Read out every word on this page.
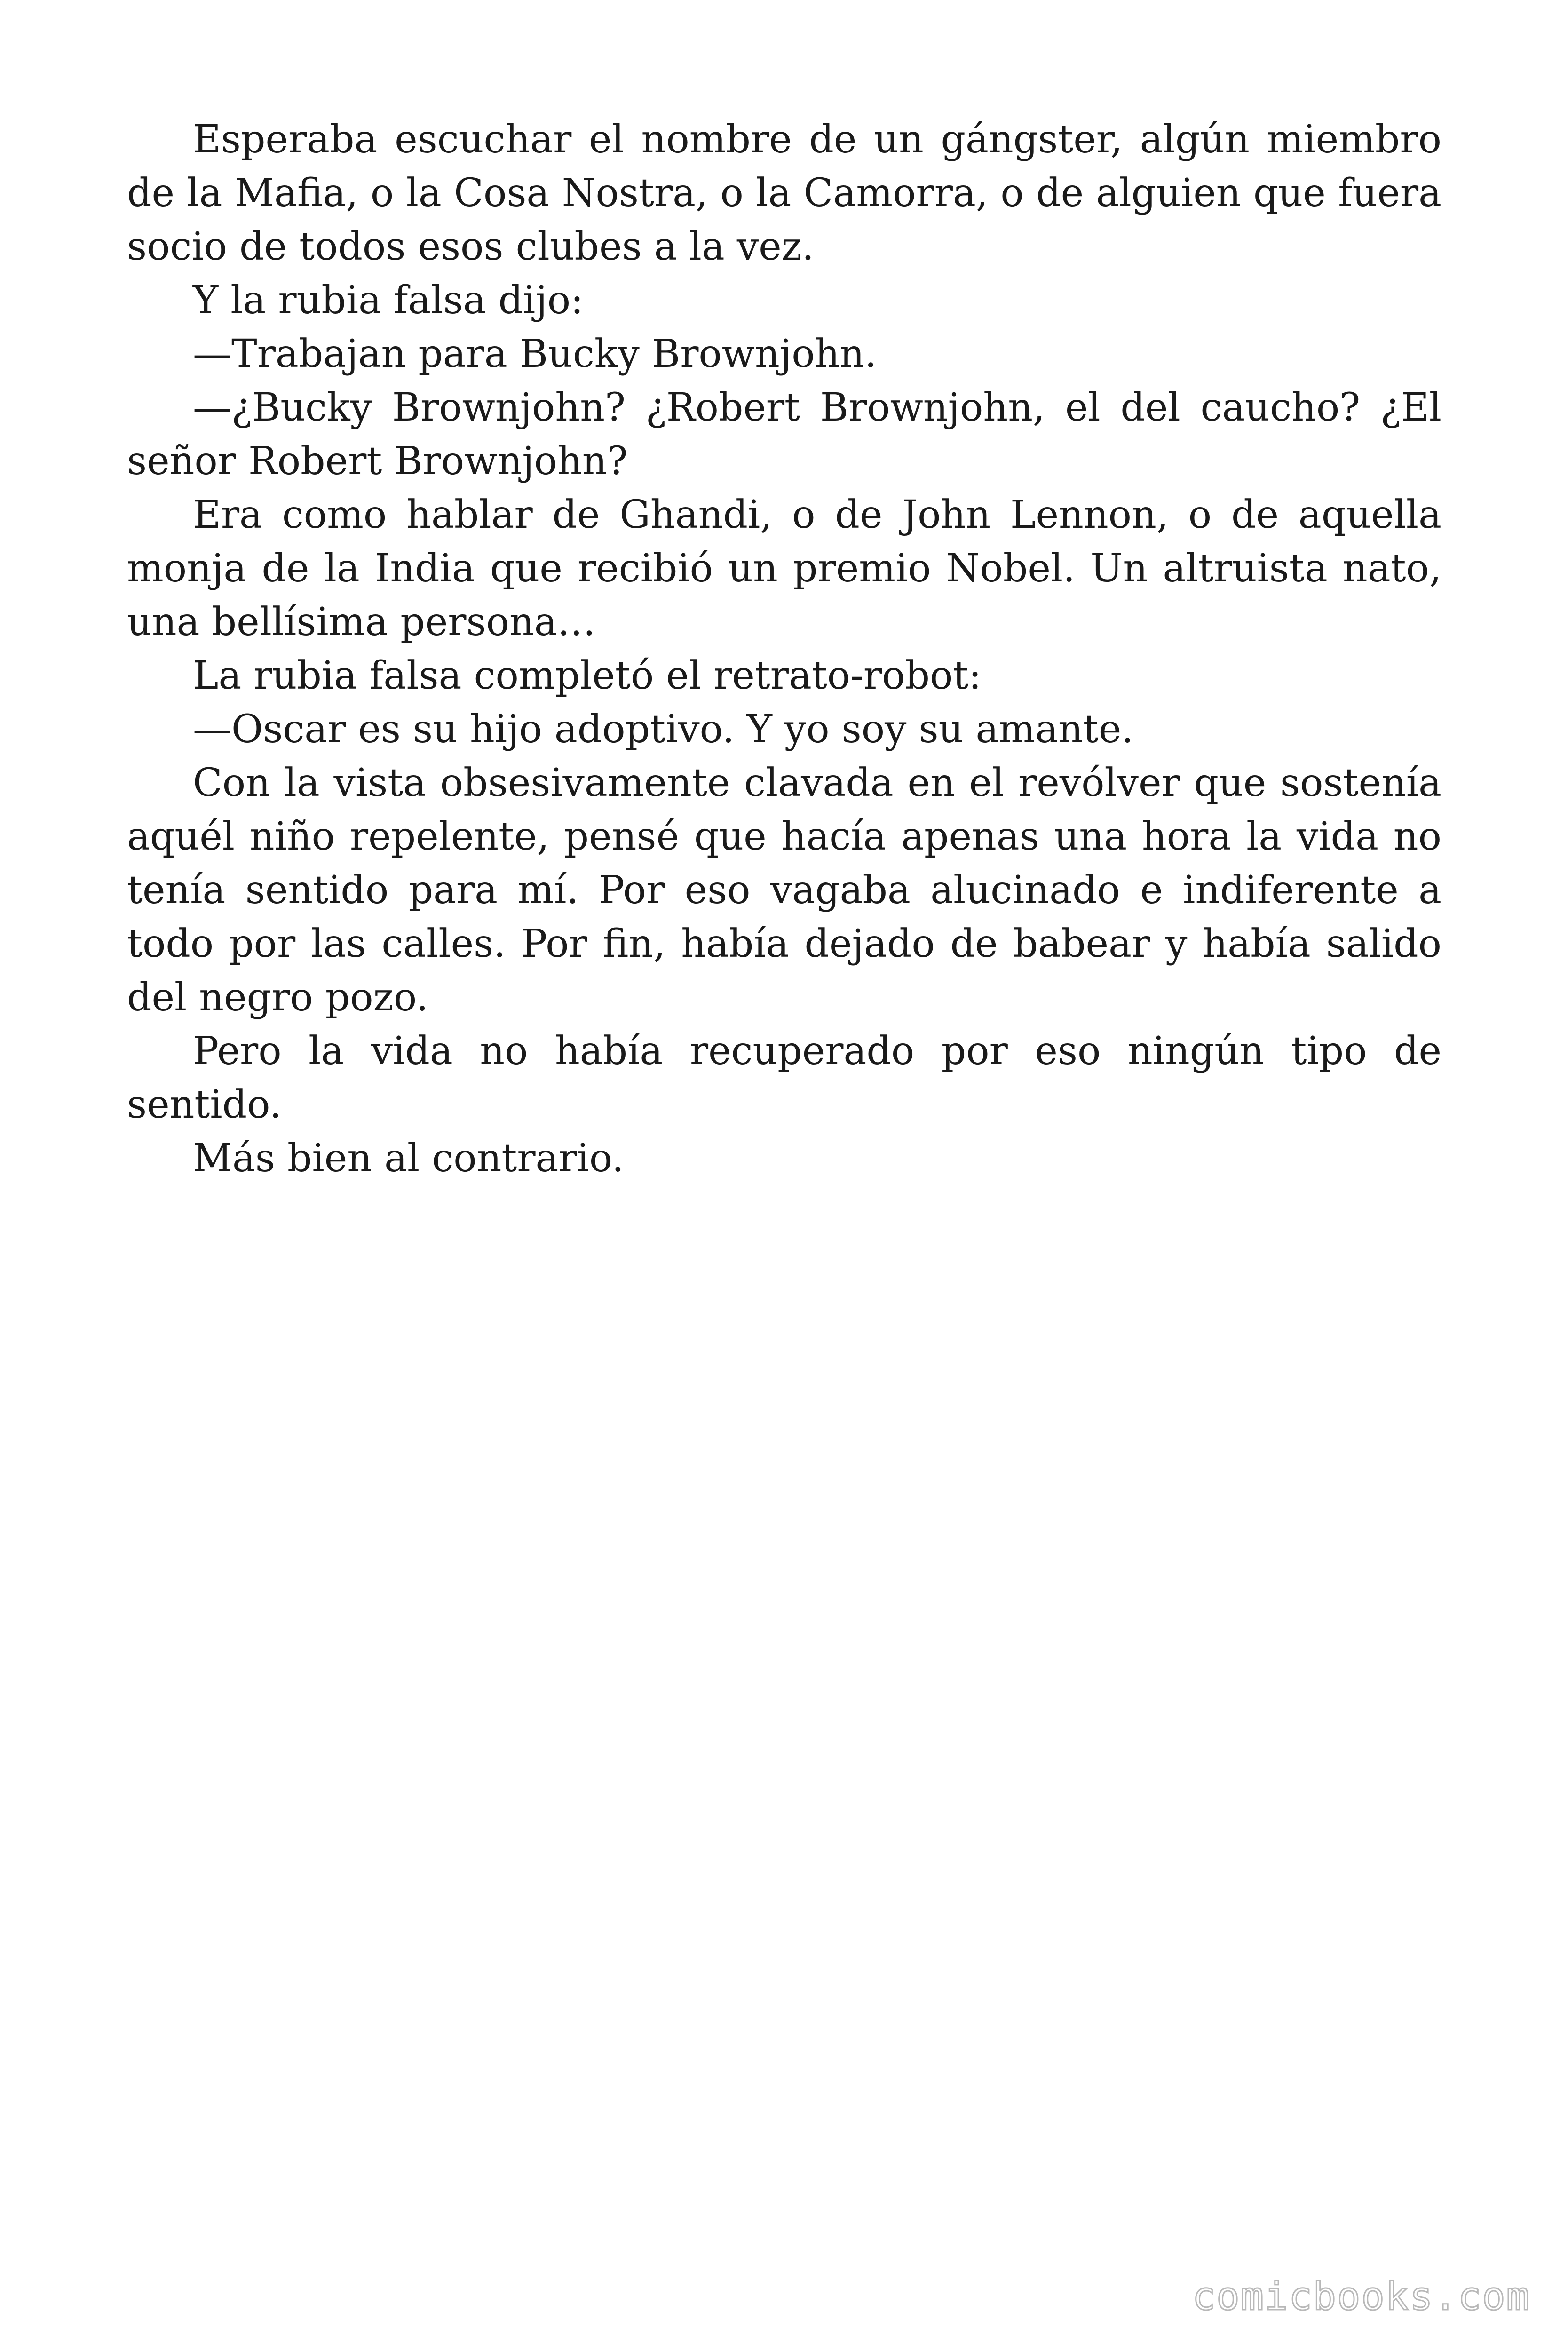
Esperaba escuchar el nombre de un gángster, algún miembro de la Mafia, o la Cosa Nostra, o la Camorra, o de alguien que fuera socio de todos esos clubes a la vez.

Y la rubia falsa dijo:

—Trabajan para Bucky Brownjohn.

—¿Bucky Brownjohn? ¿Robert Brownjohn, el del caucho? ¿El señor Robert Brownjohn?

Era como hablar de Ghandi, o de John Lennon, o de aquella monja de la India que recibió un premio Nobel. Un altruista nato, una bellísima persona…

La rubia falsa completó el retrato-robot:

—Oscar es su hijo adoptivo. Y yo soy su amante.

Con la vista obsesivamente clavada en el revólver que sostenía aquél niño repelente, pensé que hacía apenas una hora la vida no tenía sentido para mí. Por eso vagaba alucinado e indiferente a todo por las calles. Por fin, había dejado de babear y había salido del negro pozo.

Pero la vida no había recuperado por eso ningún tipo de sentido.

Más bien al contrario.

comicbooks.com
